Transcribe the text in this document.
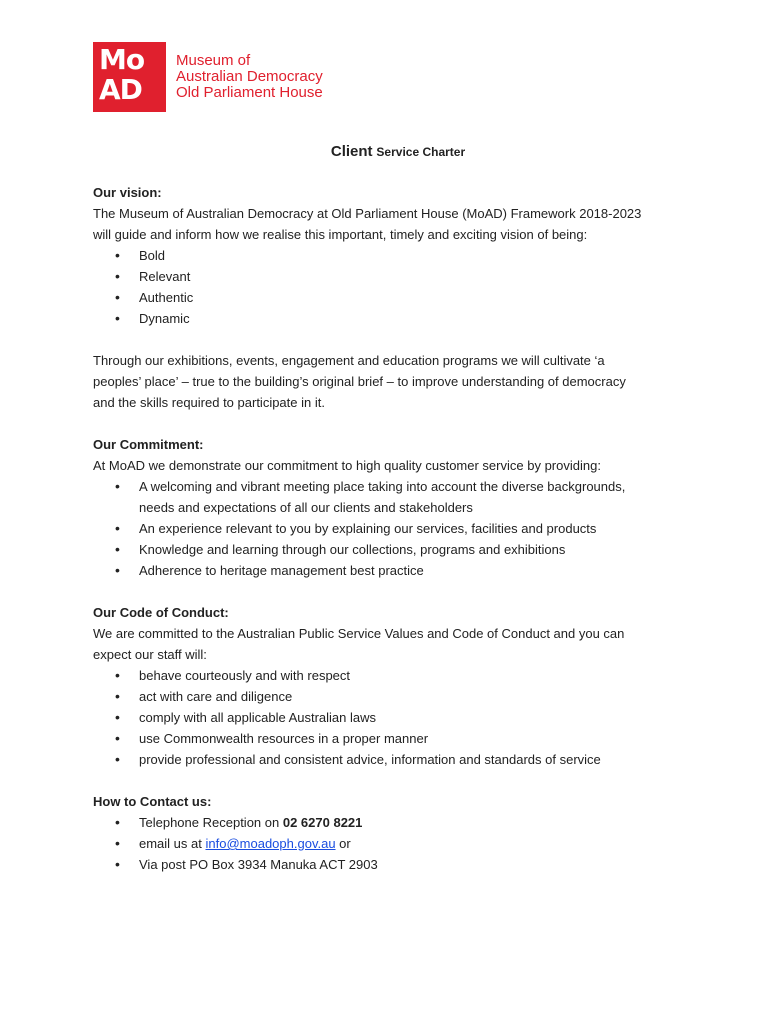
Mo
AD
Museum of
Australian Democracy
Old Parliament House
Client Service Charter

Our vision:

The Museum of Australian Democracy at Old Parliament House (MoAD) Framework 2018-2023

will guide and inform how we realise this important, timely and exciting vision of being:

• Bold
• Relevant
• Authentic
• Dynamic

Through our exhibitions, events, engagement and education programs we will cultivate ‘a

peoples’ place’ – true to the building’s original brief – to improve understanding of democracy

and the skills required to participate in it.

Our Commitment:

At MoAD we demonstrate our commitment to high quality customer service by providing:

• A welcoming and vibrant meeting place taking into account the diverse backgrounds,
needs and expectations of all our clients and stakeholders
• An experience relevant to you by explaining our services, facilities and products
• Knowledge and learning through our collections, programs and exhibitions
• Adherence to heritage management best practice

Our Code of Conduct:

We are committed to the Australian Public Service Values and Code of Conduct and you can

expect our staff will:

• behave courteously and with respect
• act with care and diligence
• comply with all applicable Australian laws
• use Commonwealth resources in a proper manner
• provide professional and consistent advice, information and standards of service

How to Contact us:

• Telephone Reception on 02 6270 8221
• email us at info@moadoph.gov.au or
• Via post PO Box 3934 Manuka ACT 2903
